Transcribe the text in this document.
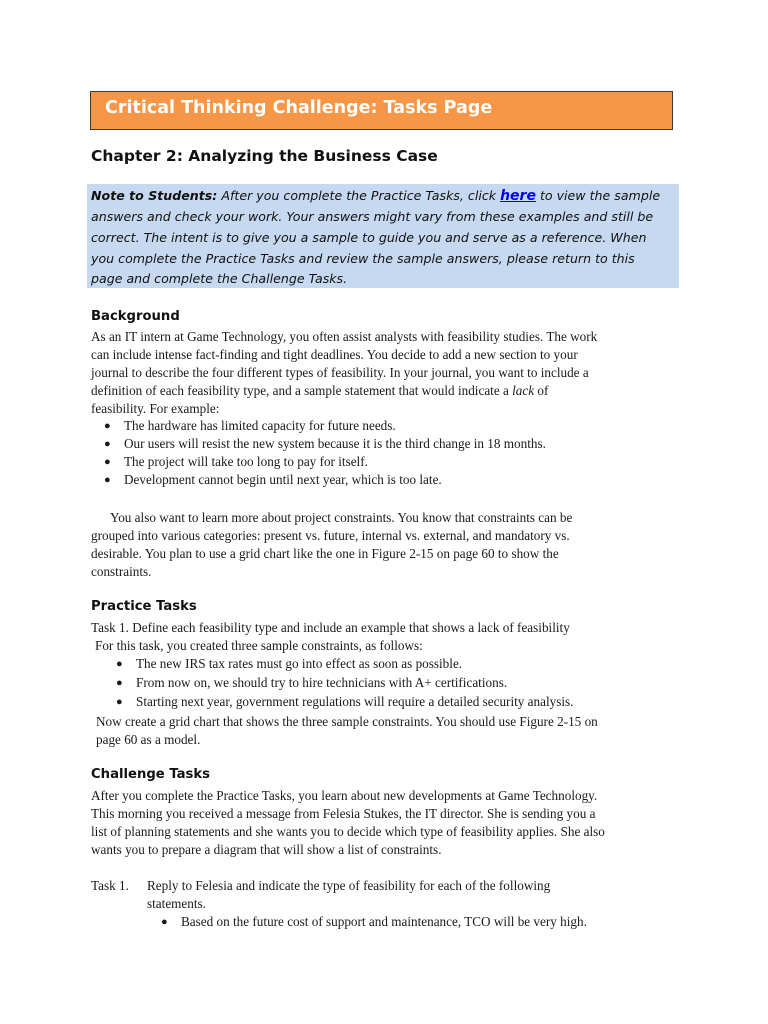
Critical Thinking Challenge: Tasks Page
Chapter 2: Analyzing the Business Case
Note to Students: After you complete the Practice Tasks, click here to view the sample
answers and check your work. Your answers might vary from these examples and still be
correct. The intent is to give you a sample to guide you and serve as a reference. When
you complete the Practice Tasks and review the sample answers, please return to this
page and complete the Challenge Tasks.
Background
As an IT intern at Game Technology, you often assist analysts with feasibility studies. The work
can include intense fact-finding and tight deadlines. You decide to add a new section to your
journal to describe the four different types of feasibility. In your journal, you want to include a
definition of each feasibility type, and a sample statement that would indicate a lack of
feasibility. For example:
● The hardware has limited capacity for future needs.
● Our users will resist the new system because it is the third change in 18 months.
● The project will take too long to pay for itself.
● Development cannot begin until next year, which is too late.
You also want to learn more about project constraints. You know that constraints can be
grouped into various categories: present vs. future, internal vs. external, and mandatory vs.
desirable. You plan to use a grid chart like the one in Figure 2-15 on page 60 to show the
constraints.
Practice Tasks
Task 1. Define each feasibility type and include an example that shows a lack of feasibility
For this task, you created three sample constraints, as follows:
● The new IRS tax rates must go into effect as soon as possible.
● From now on, we should try to hire technicians with A+ certifications.
● Starting next year, government regulations will require a detailed security analysis.
Now create a grid chart that shows the three sample constraints. You should use Figure 2-15 on
page 60 as a model.
Challenge Tasks
After you complete the Practice Tasks, you learn about new developments at Game Technology.
This morning you received a message from Felesia Stukes, the IT director. She is sending you a
list of planning statements and she wants you to decide which type of feasibility applies. She also
wants you to prepare a diagram that will show a list of constraints.
Task 1. Reply to Felesia and indicate the type of feasibility for each of the following
statements.
● Based on the future cost of support and maintenance, TCO will be very high.
